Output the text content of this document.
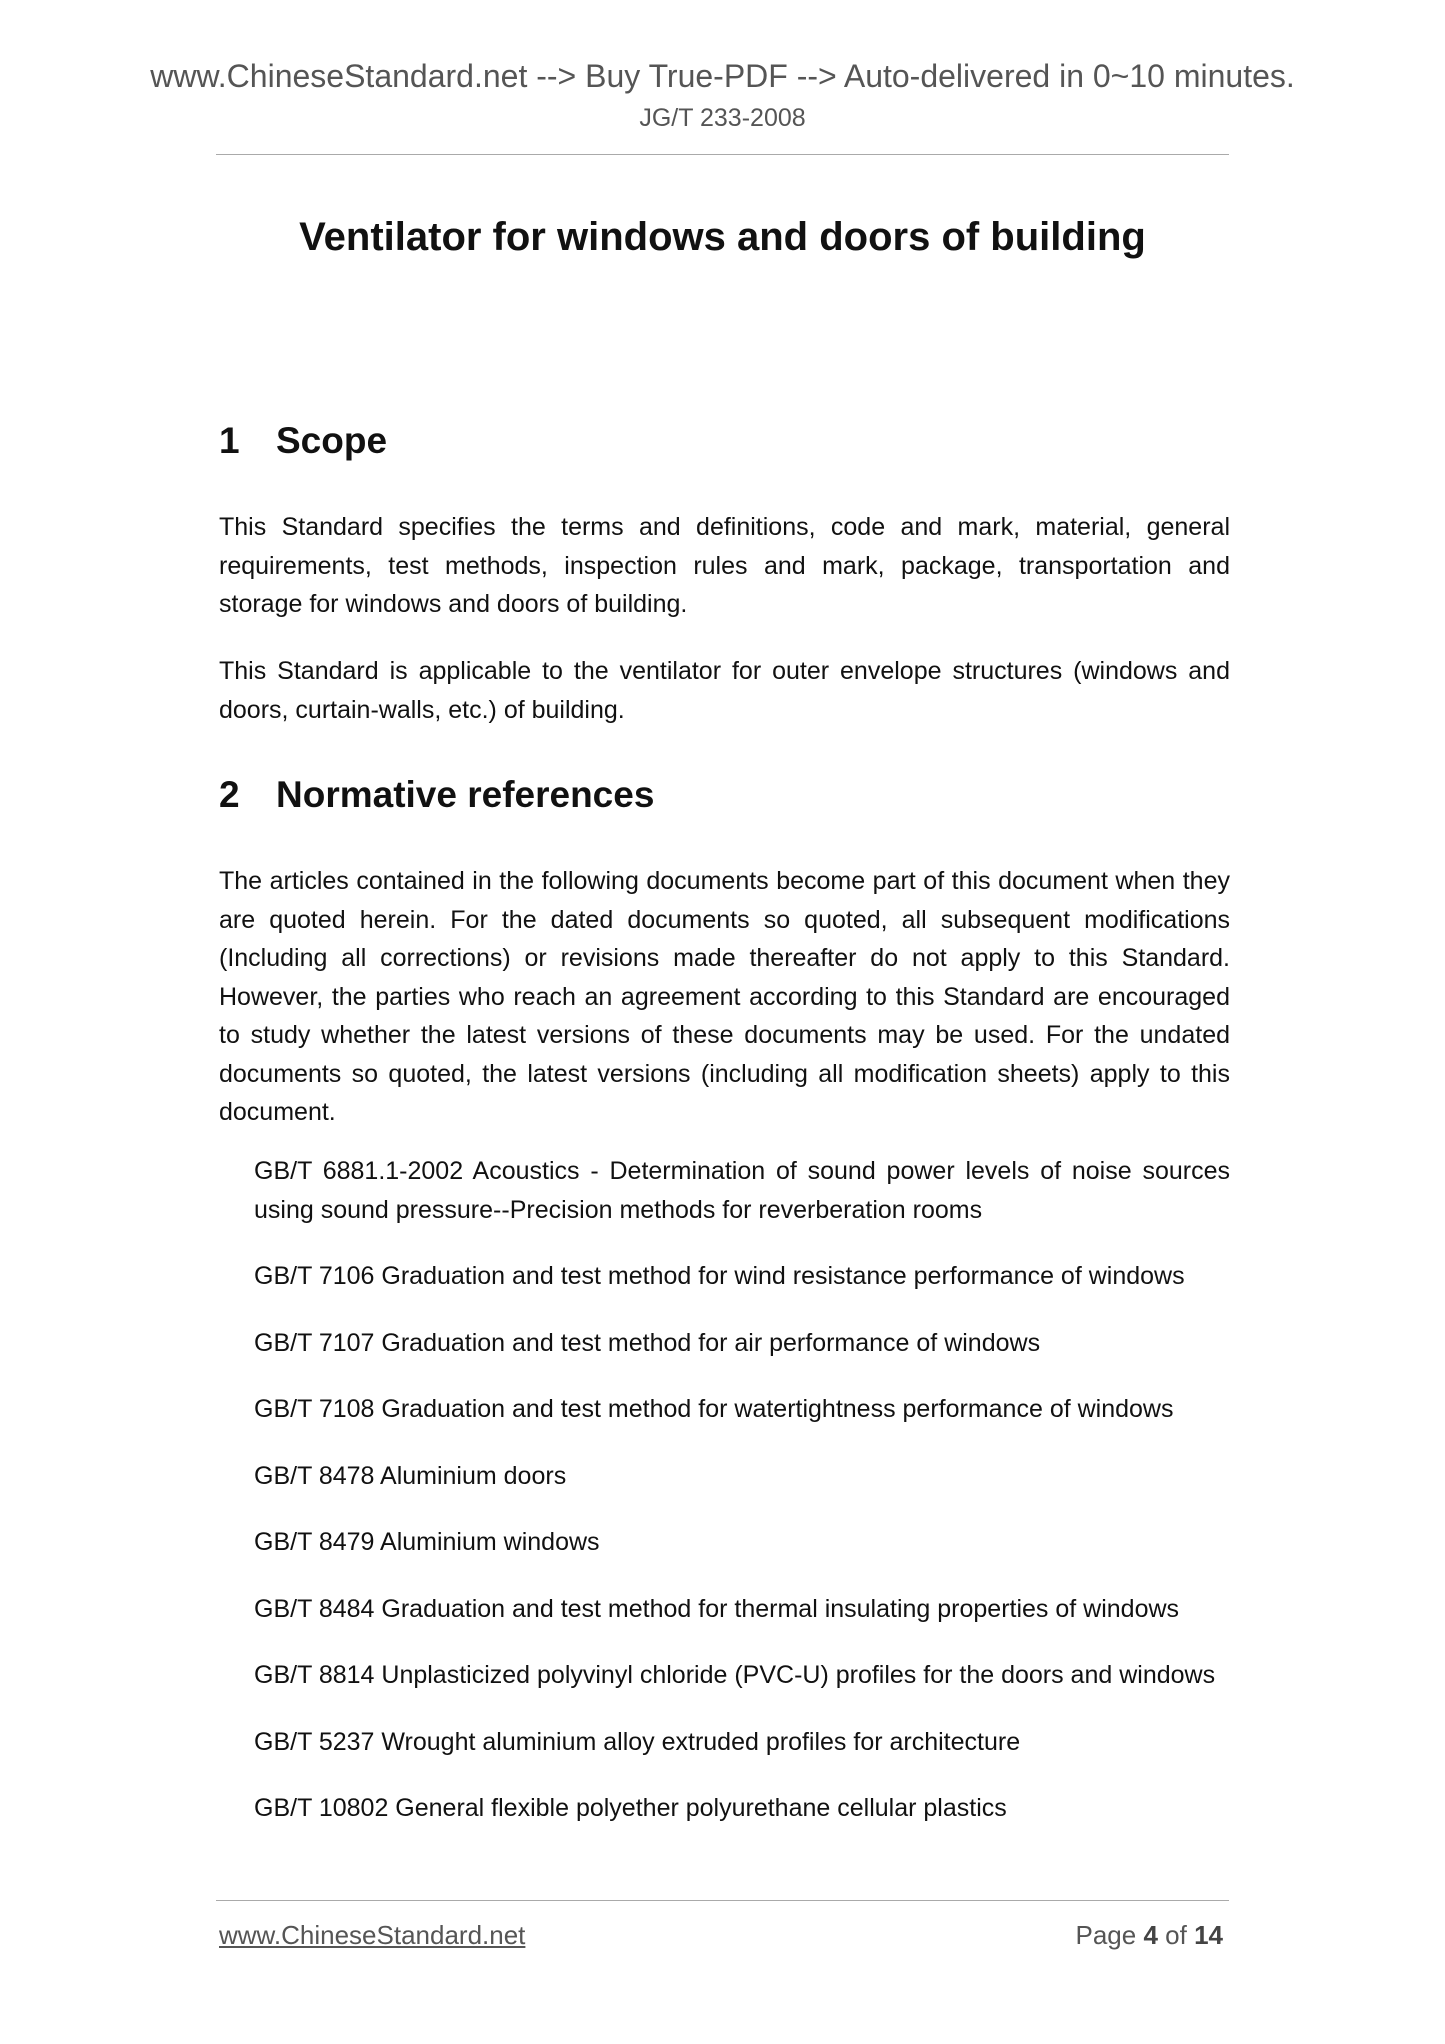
www.ChineseStandard.net --> Buy True-PDF --> Auto-delivered in 0~10 minutes.
JG/T 233-2008
Ventilator for windows and doors of building
1 Scope

This Standard specifies the terms and definitions, code and mark, material, general requirements, test methods, inspection rules and mark, package, transportation and storage for windows and doors of building.

This Standard is applicable to the ventilator for outer envelope structures (windows and doors, curtain-walls, etc.) of building.

2 Normative references

The articles contained in the following documents become part of this document when they are quoted herein. For the dated documents so quoted, all subsequent modifications (Including all corrections) or revisions made thereafter do not apply to this Standard. However, the parties who reach an agreement according to this Standard are encouraged to study whether the latest versions of these documents may be used. For the undated documents so quoted, the latest versions (including all modification sheets) apply to this document.

GB/T 6881.1-2002 Acoustics - Determination of sound power levels of noise sources using sound pressure--Precision methods for reverberation rooms
GB/T 7106 Graduation and test method for wind resistance performance of windows
GB/T 7107 Graduation and test method for air performance of windows
GB/T 7108 Graduation and test method for watertightness performance of windows
GB/T 8478 Aluminium doors
GB/T 8479 Aluminium windows
GB/T 8484 Graduation and test method for thermal insulating properties of windows
GB/T 8814 Unplasticized polyvinyl chloride (PVC-U) profiles for the doors and windows
GB/T 5237 Wrought aluminium alloy extruded profiles for architecture
GB/T 10802 General flexible polyether polyurethane cellular plastics
www.ChineseStandard.net	Page 4 of 14
